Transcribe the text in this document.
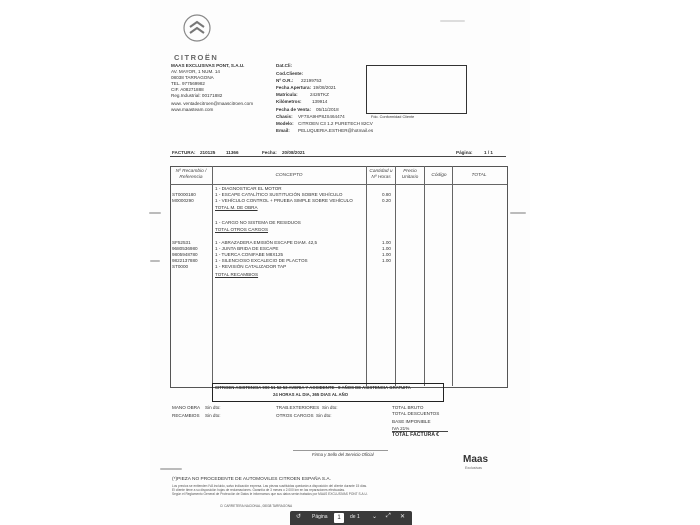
CITROËN
MAAS EXCLUSIVAS PONT, S.A.U.
AV. MAYOR, 1 NUM. 14
08038 TARRAGONA
TEL. 977569982
CIF. A08271888
Reg.Industrial: 00171882
www. ventadecitroen@maascitroen.com
www.maasteam.com
Dat.Cli:
Cod.Cliente:
Nº O.R.: 22199753
Fecha Apertura: 19/08/2021
Matrícula:	2426TKZ
Kilómetros: 139914
Fecha de Venta: 05/11/2018
Chasis: VF7SA9HP8JS464474
Modelo: CITROEN C3 1.2 PURETECH 82CV
Email: PELUQUERIA.ESTHER@hotmail.es
Fdo. Conformidad Cliente
FACTURA: 210125 11366	Fecha: 20/08/2021	Página: 1 / 1
Nº Recambio / Referencia	CONCEPTO
Cantidad u Nº Horas
Precio Unitario	Código	TOTAL
1 - DIAGNOSTICAR EL MOTOR
ST0000180	1 - ESCAPE CATALÍTICO SUSTITUCIÓN SOBRE VEHÍCULO	0.80
M0000290	1 - VEHÍCULO CONTROL + PRUEBA SIMPLE SOBRE VEHÍCULO	0.20
TOTAL M. DE OBRA
1 - CARGO NO SISTEMA DE RESIDUOS
TOTAL OTROS CARGOS
SF52531	1 - ABRAZADERA EMISIÓN ESCAPE DIAM. 42,5	1.00
9680536980	1 - JUNTA BRIDA DE ESCAPE	1.00
9805948780	1 - TUERCA CONIFABE M8X125	1.00
9822137880	1 - SILENCIOSO EXCALECIO DE PLACTOS	1.00
ST0000	1 - REVISIÓN CATALIZADOR TAP
TOTAL RECAMBIOS
CITROEN ASISTENCIA 900 51 52 53 AVERIA Y ACCIDENTE - 8 AÑOS DE ASISTENCIA GRATUITA
24 HORAS AL DIA, 365 DIAS AL AÑO
MANO OBRA Sin dto:
RECAMBIOS Sin dto:
TRAB.EXTERIORES Sin dto:
OTROS CARGOS Sin dto:
TOTAL BRUTO
TOTAL DESCUENTOS
BASE IMPONIBLE
IVA 21%
TOTAL FACTURA €
Firma y Sello del Servicio Oficial	Maas
Exclusivas
(*)PIEZA NO PROCEDENTE DE AUTOMOVILES CITROEN ESPAÑA S.A.
Los precios se entienden IVA incluido, salvo indicación expresa. Las piezas sustituidas quedarán a disposición del cliente durante 15 días.
El cliente tiene a su disposición hojas de reclamaciones. Garantía de 3 meses o 2.000 km en las reparaciones efectuadas.
Según el Reglamento General de Protección de Datos le informamos que sus datos serán tratados por MAAS EXCLUSIVAS PONT S.A.U.
C/ CARRETERA NACIONAL, 08038 TARRAGONA
↺ Página	1	de 1 ⌄ ⤢ ✕
